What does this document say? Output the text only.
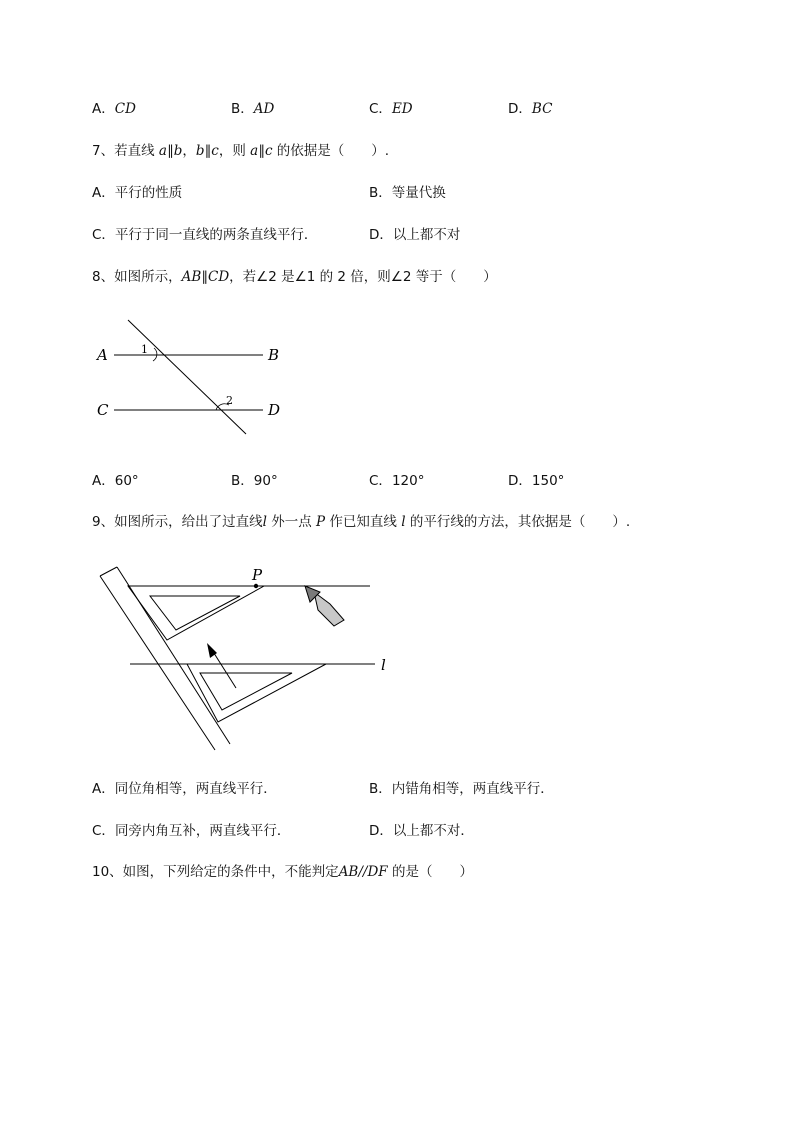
A．CD	B．AD	C．ED	D．BC
7、若直线 a∥b，b∥c，则 a∥c 的依据是（　　）.
A．平行的性质	B．等量代换
C．平行于同一直线的两条直线平行．	D．以上都不对
8、如图所示，AB∥CD，若∠2 是∠1 的 2 倍，则∠2 等于（　　）
A	B
C	D
1
2
A．60°	B．90°	C．120°	D．150°
9、如图所示，给出了过直线l 外一点 P 作已知直线 l 的平行线的方法，其依据是（　　）.
P
l
A．同位角相等，两直线平行．	B．内错角相等，两直线平行．
C．同旁内角互补，两直线平行．	D．以上都不对．
10、如图，下列给定的条件中，不能判定AB//DF 的是（　　）
